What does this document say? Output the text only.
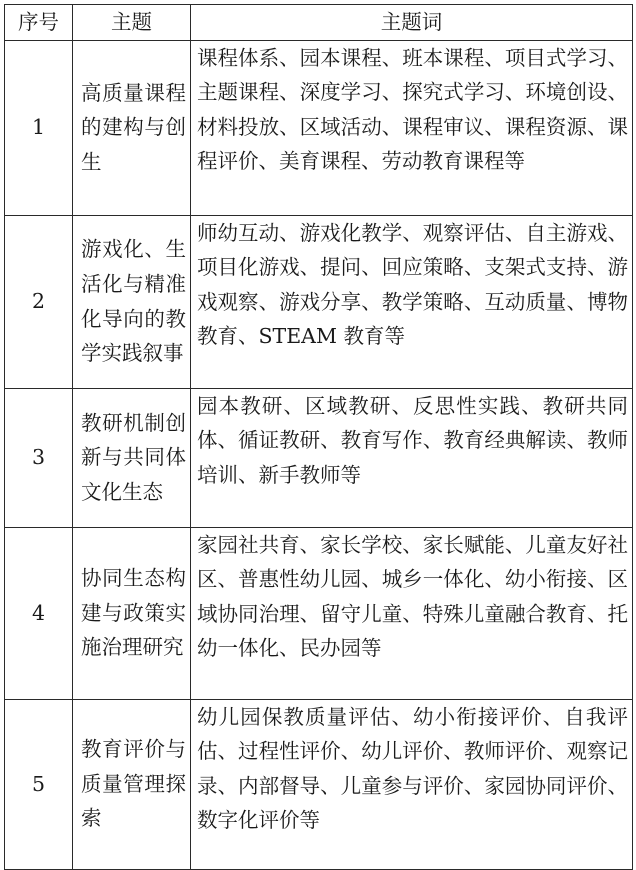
序号	主题	主题词
1	高质量课程的建构与创生	课程体系、园本课程、班本课程、项目式学习、主题课程、深度学习、探究式学习、环境创设、材料投放、区域活动、课程审议、课程资源、课程评价、美育课程、劳动教育课程等
2	游戏化、生活化与精准化导向的教学实践叙事	师幼互动、游戏化教学、观察评估、自主游戏、项目化游戏、提问、回应策略、支架式支持、游戏观察、游戏分享、教学策略、互动质量、博物教育、STEAM 教育等
3	教研机制创新与共同体文化生态	园本教研、区域教研、反思性实践、教研共同体、循证教研、教育写作、教育经典解读、教师培训、新手教师等
4	协同生态构建与政策实施治理研究	家园社共育、家长学校、家长赋能、儿童友好社区、普惠性幼儿园、城乡一体化、幼小衔接、区域协同治理、留守儿童、特殊儿童融合教育、托幼一体化、民办园等
5	教育评价与质量管理探索	幼儿园保教质量评估、幼小衔接评价、自我评估、过程性评价、幼儿评价、教师评价、观察记录、内部督导、儿童参与评价、家园协同评价、数字化评价等
